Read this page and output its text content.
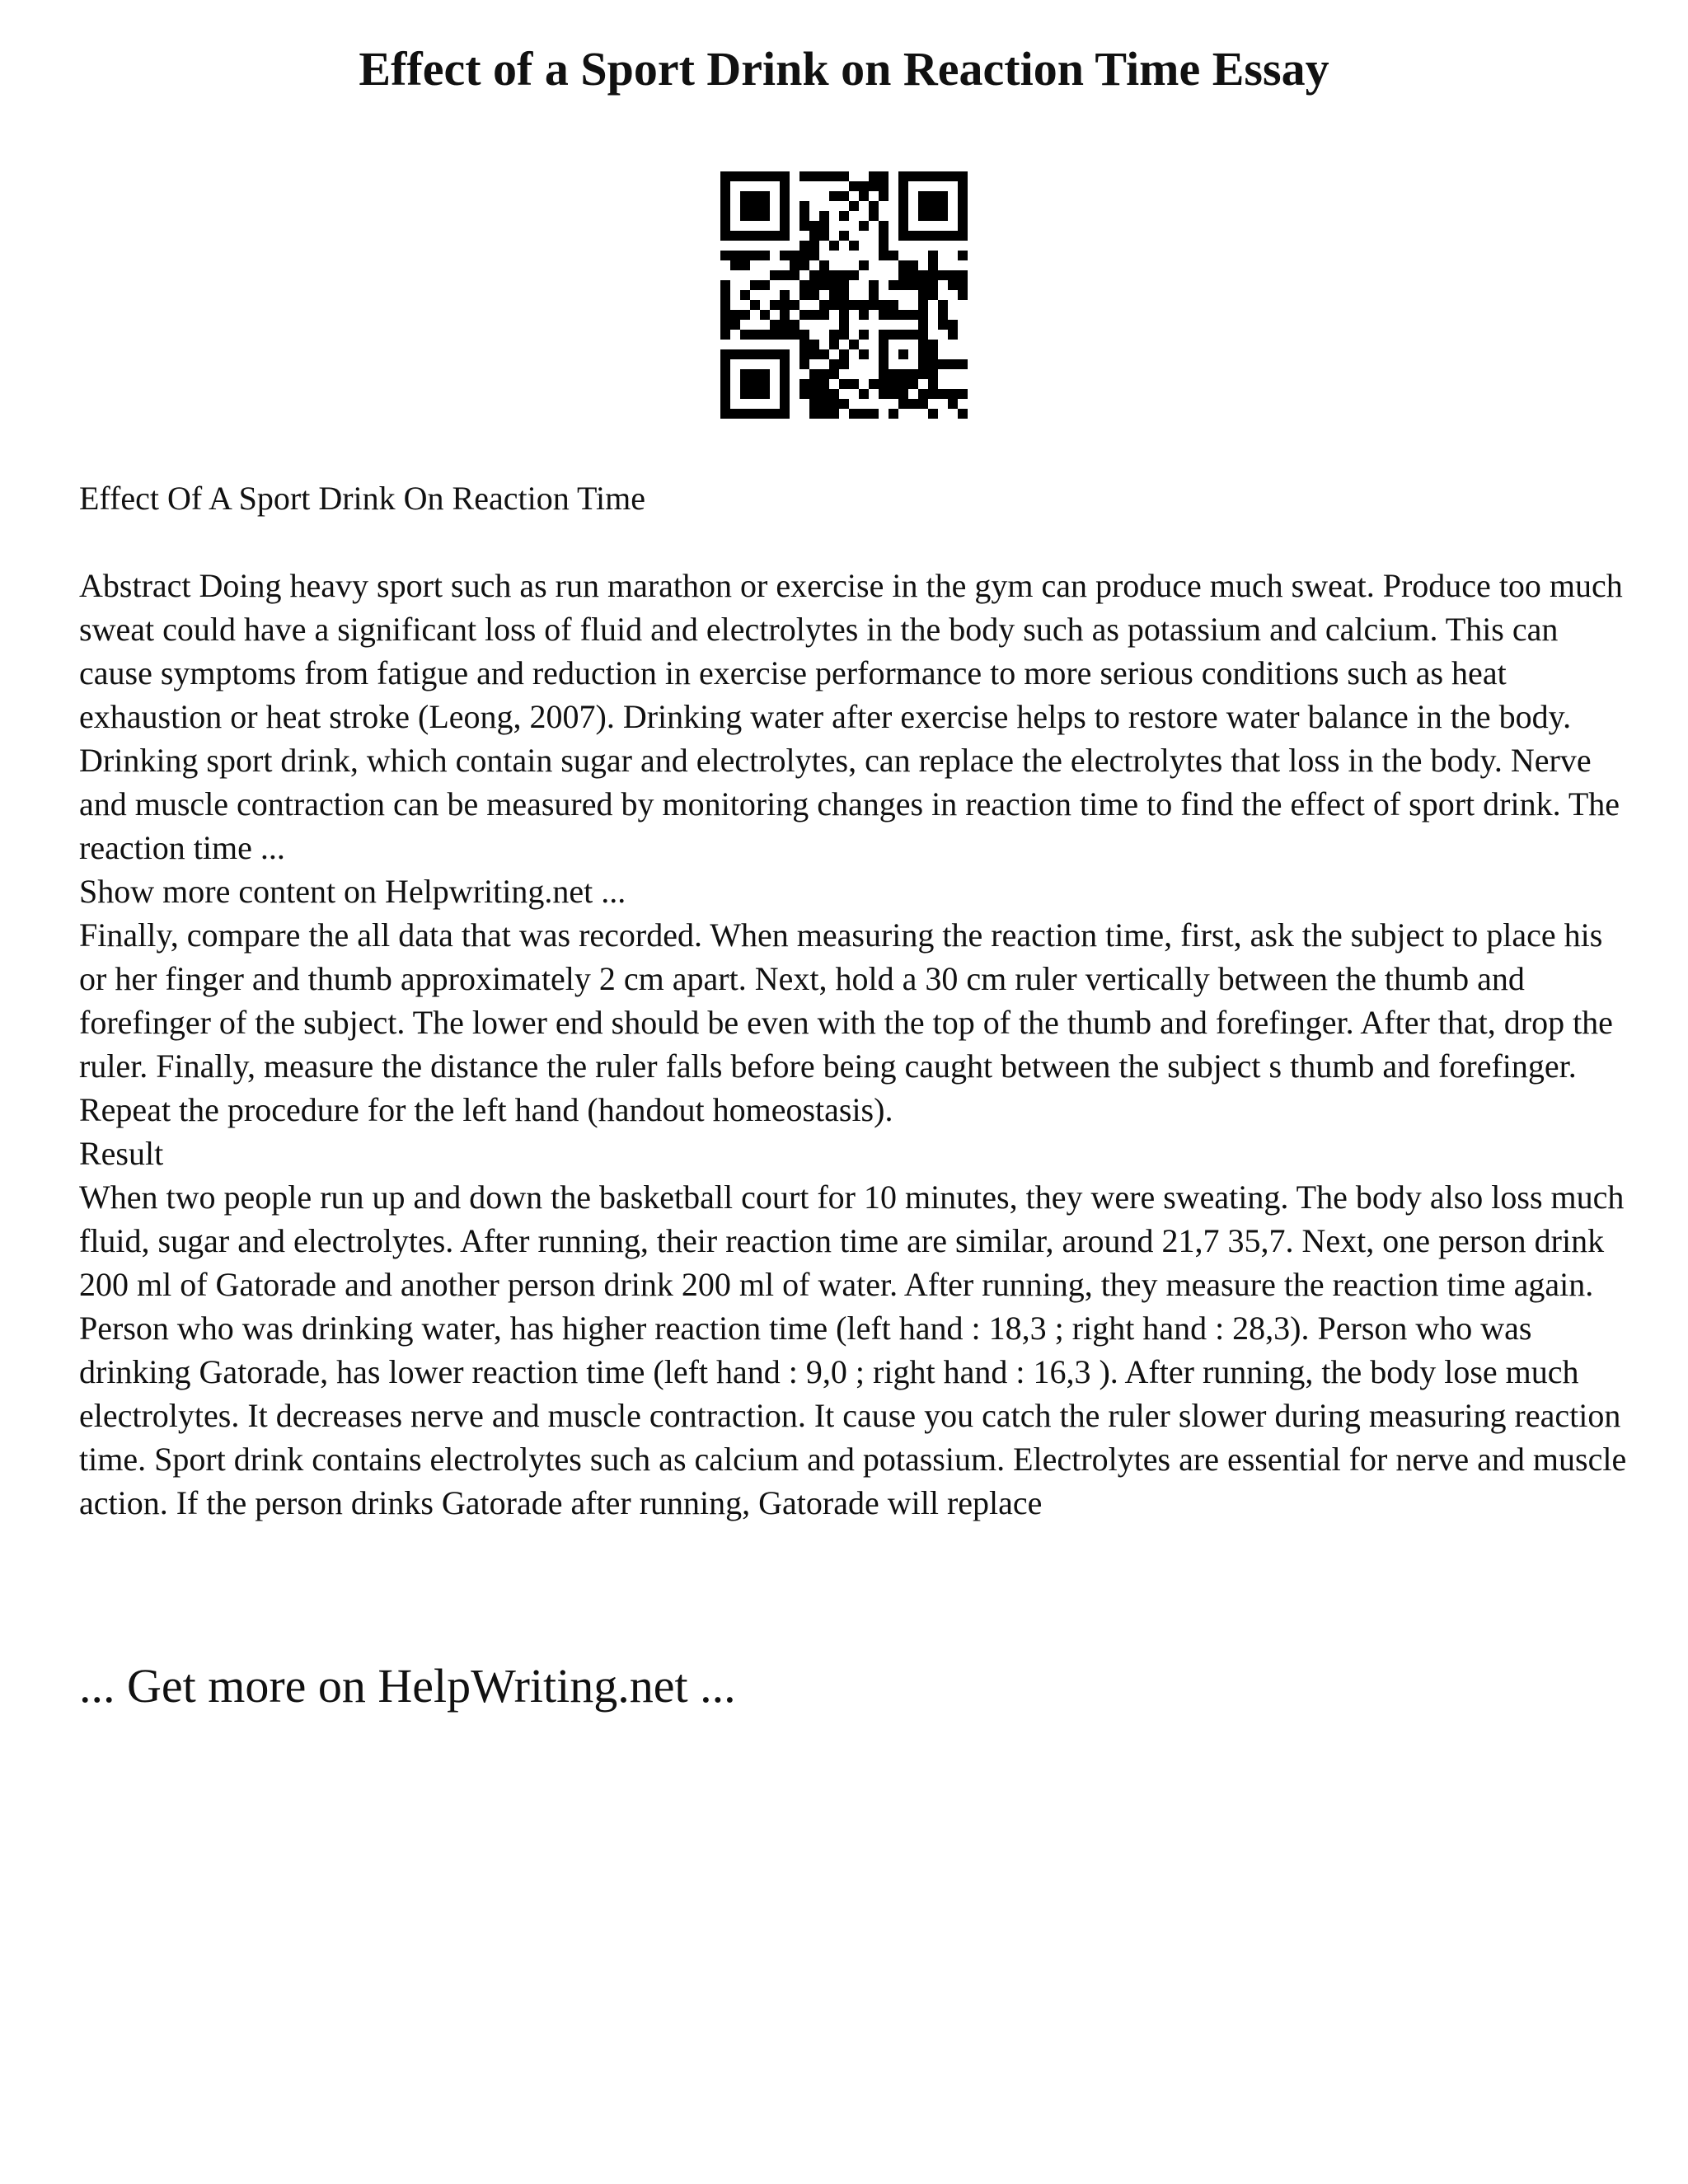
Effect of a Sport Drink on Reaction Time Essay

Effect Of A Sport Drink On Reaction Time

Abstract Doing heavy sport such as run marathon or exercise in the gym can produce much sweat. Produce too much sweat could have a significant loss of fluid and electrolytes in the body such as potassium and calcium. This can cause symptoms from fatigue and reduction in exercise performance to more serious conditions such as heat exhaustion or heat stroke (Leong, 2007). Drinking water after exercise helps to restore water balance in the body. Drinking sport drink, which contain sugar and electrolytes, can replace the electrolytes that loss in the body. Nerve and muscle contraction can be measured by monitoring changes in reaction time to find the effect of sport drink. The reaction time ...

Show more content on Helpwriting.net ...

Finally, compare the all data that was recorded. When measuring the reaction time, first, ask the subject to place his or her finger and thumb approximately 2 cm apart. Next, hold a 30 cm ruler vertically between the thumb and forefinger of the subject. The lower end should be even with the top of the thumb and forefinger. After that, drop the ruler. Finally, measure the distance the ruler falls before being caught between the subject s thumb and forefinger. Repeat the procedure for the left hand (handout homeostasis).

Result

When two people run up and down the basketball court for 10 minutes, they were sweating. The body also loss much fluid, sugar and electrolytes. After running, their reaction time are similar, around 21,7 35,7. Next, one person drink 200 ml of Gatorade and another person drink 200 ml of water. After running, they measure the reaction time again. Person who was drinking water, has higher reaction time (left hand : 18,3 ; right hand : 28,3). Person who was drinking Gatorade, has lower reaction time (left hand : 9,0 ; right hand : 16,3 ). After running, the body lose much electrolytes. It decreases nerve and muscle contraction. It cause you catch the ruler slower during measuring reaction time. Sport drink contains electrolytes such as calcium and potassium. Electrolytes are essential for nerve and muscle action. If the person drinks Gatorade after running, Gatorade will replace

... Get more on HelpWriting.net ...
